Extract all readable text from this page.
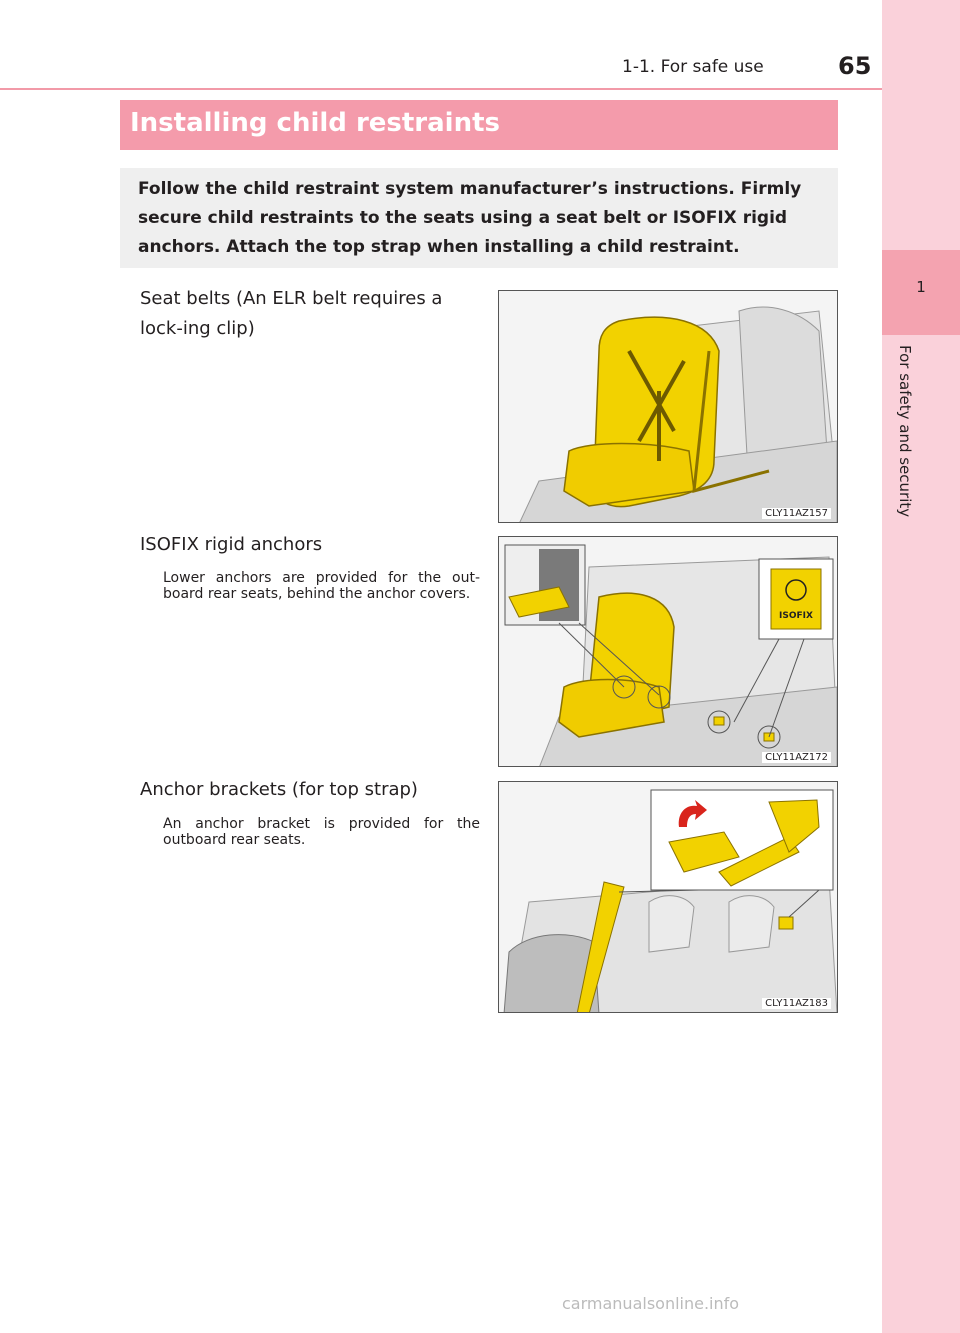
1-1. For safe use	65
1
For safety and security
Installing child restraints

Follow the child restraint system manufacturer’s instructions. Firmly secure child restraints to the seats using a seat belt or ISOFIX rigid anchors. Attach the top strap when installing a child restraint.

Seat belts (An ELR belt requires a lock-ing clip)
CLY11AZ157
ISOFIX rigid anchors
Lower anchors are provided for the out-board rear seats, behind the anchor covers.
ISOFIX
CLY11AZ172
Anchor brackets (for top strap)
An anchor bracket is provided for the outboard rear seats.
CLY11AZ183
carmanualsonline.info
